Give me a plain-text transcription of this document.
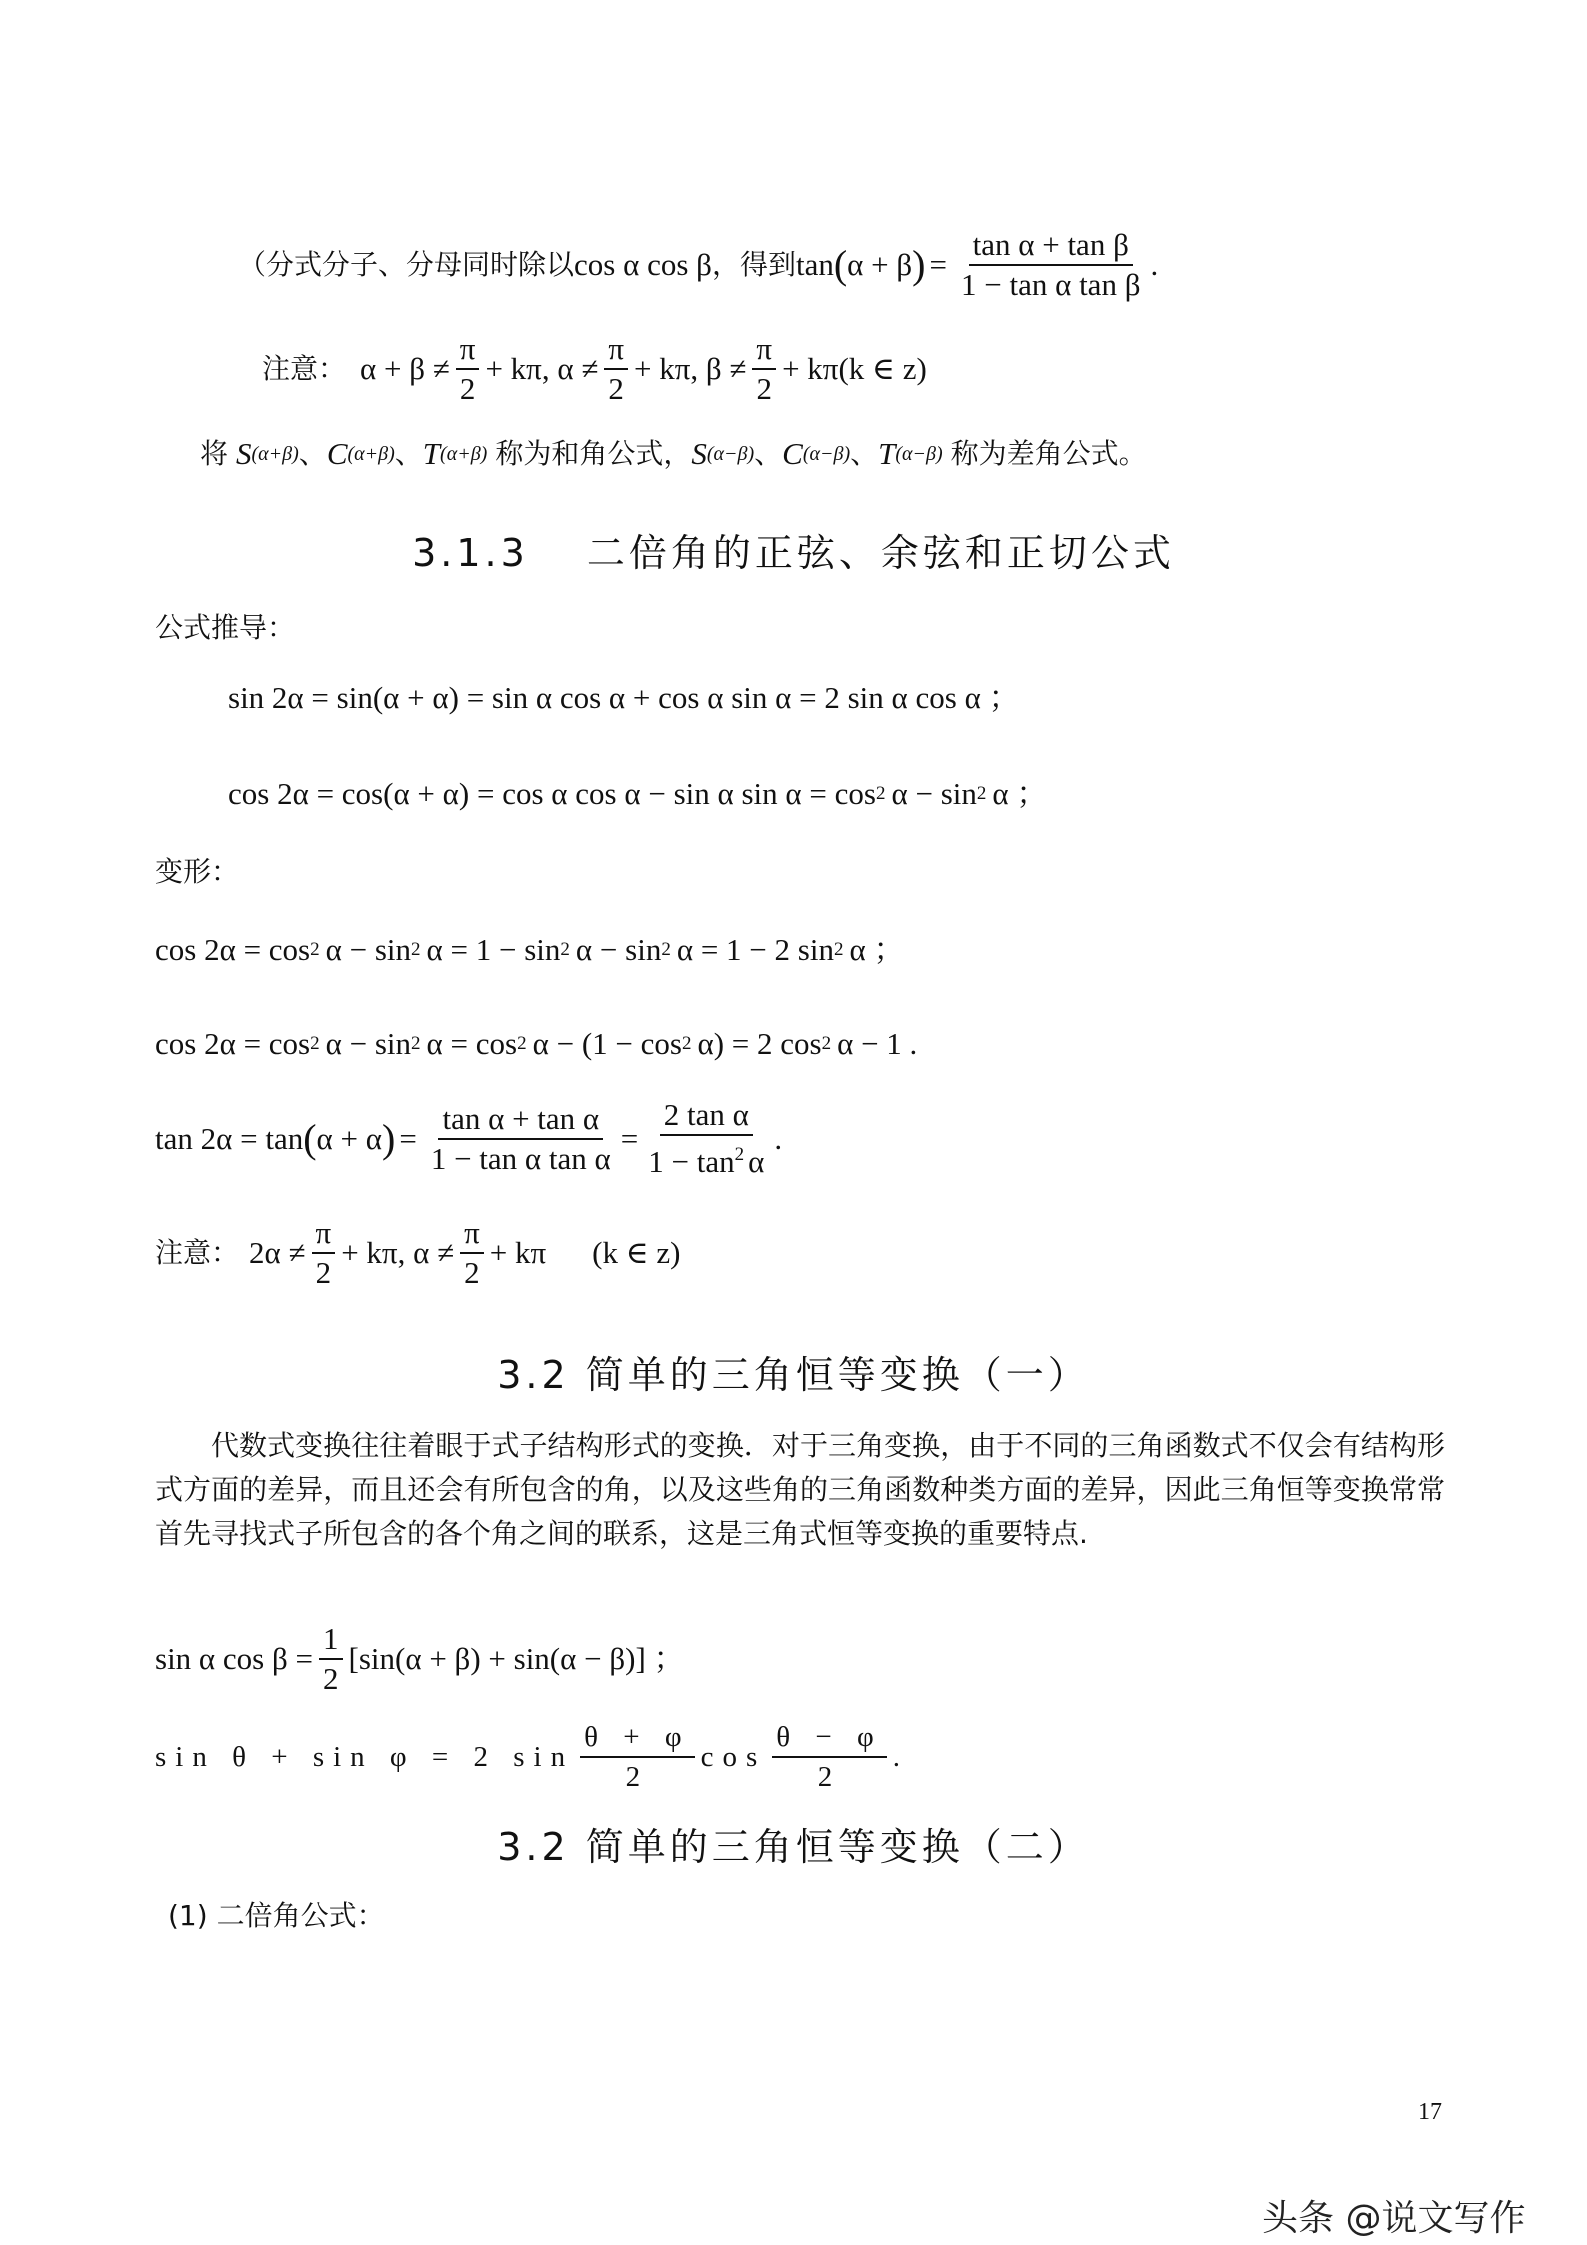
（分式分子、分母同时除以 cos α cos β ，得到 tan ( α + β ) = $\frac{\text{tan α + tan β}}{\text{1 − tan α tan β}}$ .
注意： $\alpha + \beta \ne \frac{\pi}{2} + k\pi$, $\alpha \ne \frac{\pi}{2} + k\pi$, $\beta \ne \frac{\pi}{2} + k\pi(k$ ∈ z)
将 S (α+β) 、 C (α+β) 、 T (α+β) 称为和角公式， S (α−β) 、 C (α−β) 、 T (α−β) 称为差角公式。
3.1.3　 二倍角的正弦、余弦和正切公式
公式推导：
sin 2α = sin(α + α) = sin α cos α + cos α sin α = 2 sin α cos α ；
cos 2α = cos(α + α) = cos α cos α − sin α sin α = cos 2 α − sin 2 α ；
变形：
cos 2α = cos 2 α − sin 2 α = 1 − sin 2 α − sin 2 α = 1 − 2 sin 2 α ；
cos 2α = cos 2 α − sin 2 α = cos 2 α − (1 − cos 2 α) = 2 cos 2 α − 1 .
tan 2α = tan ( α + α ) = $\frac{\text{tan α + tan α}}{\text{1 − tan α tan α}} = \frac{\text{2 tan α}}{1 - \tan^2 \alpha}$ .
注意： $2\alpha \ne \frac{\pi}{2} + k\pi$, $\alpha \ne \frac{\pi}{2} + k\pi$ (k ∈ z)
3.2 简单的三角恒等变换（一）
代数式变换往往着眼于式子结构形式的变换．对于三角变换，由于不同的三角函数式不仅会有结构形式方面的差异，而且还会有所包含的角，以及这些角的三角函数种类方面的差异，因此三角恒等变换常常首先寻找式子所包含的各个角之间的联系，这是三角式恒等变换的重要特点.
sin α $\cos \beta = \frac{1}{2} [\sin(\alpha + \beta) + \sin(\alpha - \beta)]$ ；
sin θ + sin φ = 2 $\sin \frac{\theta + \varphi}{2}$ $\cos \frac{\theta - \varphi}{2}$ .
3.2 简单的三角恒等变换（二）
(1) 二倍角公式：
17
头条 @说文写作
